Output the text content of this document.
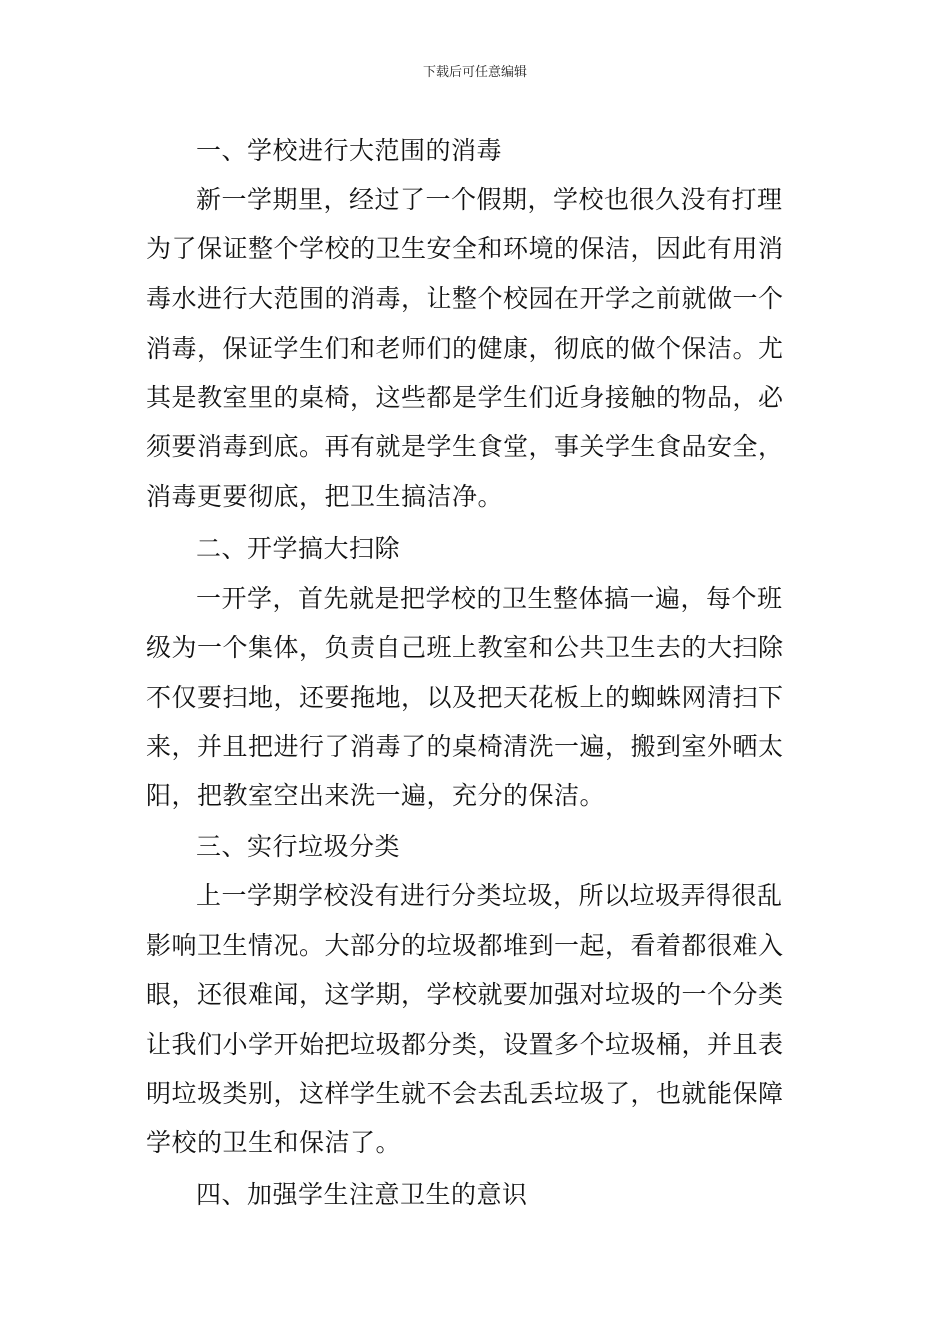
下载后可任意编辑
一、学校进行大范围的消毒
新一学期里，经过了一个假期，学校也很久没有打理
为了保证整个学校的卫生安全和环境的保洁，因此有用消
毒水进行大范围的消毒，让整个校园在开学之前就做一个
消毒，保证学生们和老师们的健康，彻底的做个保洁。尤
其是教室里的桌椅，这些都是学生们近身接触的物品，必
须要消毒到底。再有就是学生食堂，事关学生食品安全，
消毒更要彻底，把卫生搞洁净。
二、开学搞大扫除
一开学，首先就是把学校的卫生整体搞一遍，每个班
级为一个集体，负责自己班上教室和公共卫生去的大扫除
不仅要扫地，还要拖地，以及把天花板上的蜘蛛网清扫下
来，并且把进行了消毒了的桌椅清洗一遍，搬到室外晒太
阳，把教室空出来洗一遍，充分的保洁。
三、实行垃圾分类
上一学期学校没有进行分类垃圾，所以垃圾弄得很乱
影响卫生情况。大部分的垃圾都堆到一起，看着都很难入
眼，还很难闻，这学期，学校就要加强对垃圾的一个分类
让我们小学开始把垃圾都分类，设置多个垃圾桶，并且表
明垃圾类别，这样学生就不会去乱丢垃圾了，也就能保障
学校的卫生和保洁了。
四、加强学生注意卫生的意识
